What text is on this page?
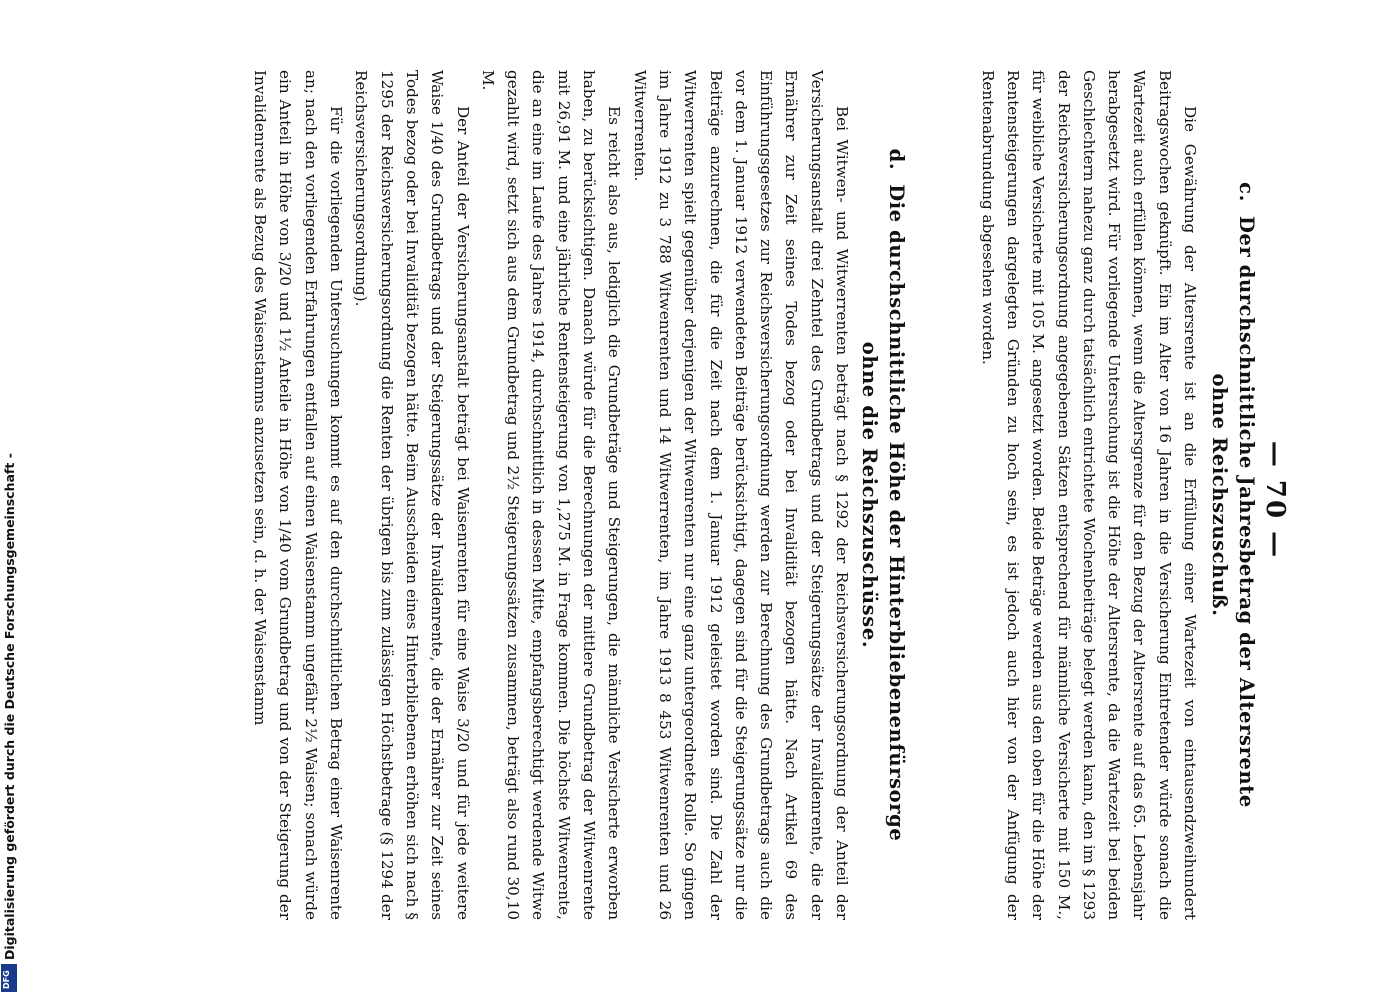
— 70 —
c.Der durchschnittliche Jahresbetrag der Altersrente
ohne Reichszuschuß.

Die Gewährung der Altersrente ist an die Erfüllung einer Wartezeit von eintausendzweihundert Beitragswochen geknüpft. Ein im Alter von 16 Jahren in die Versicherung Eintretender würde sonach die Wartezeit auch erfüllen können, wenn die Altersgrenze für den Bezug der Altersrente auf das 65. Lebensjahr herabgesetzt wird. Für vorliegende Untersuchung ist die Höhe der Altersrente, da die Wartezeit bei beiden Geschlechtern nahezu ganz durch tatsächlich entrichtete Wochenbeiträge belegt werden kann, den im § 1293 der Reichsversicherungsordnung angegebenen Sätzen entsprechend für männliche Versicherte mit 150 M., für weibliche Versicherte mit 105 M. angesetzt worden. Beide Beträge werden aus den oben für die Höhe der Rentensteigerungen dargelegten Gründen zu hoch sein, es ist jedoch auch hier von der Anfügung der Rentenabrundung abgesehen worden.

d.Die durchschnittliche Höhe der Hinterbliebenenfürsorge
ohne die Reichszuschüsse.

Bei Witwen- und Witwerrenten beträgt nach § 1292 der Reichsversicherungsordnung der Anteil der Versicherungsanstalt drei Zehntel des Grundbetrags und der Steigerungssätze der Invalidenrente, die der Ernährer zur Zeit seines Todes bezog oder bei Invalidität bezogen hätte. Nach Artikel 69 des Einführungsgesetzes zur Reichsversicherungsordnung werden zur Berechnung des Grundbetrags auch die vor dem 1. Januar 1912 verwendeten Beiträge berücksichtigt, dagegen sind für die Steigerungssätze nur die Beiträge anzurechnen, die für die Zeit nach dem 1. Januar 1912 geleistet worden sind. Die Zahl der Witwerrenten spielt gegenüber derjenigen der Witwenrenten nur eine ganz untergeordnete Rolle. So gingen im Jahre 1912 zu 3 788 Witwenrenten und 14 Witwerrenten, im Jahre 1913 8 453 Witwenrenten und 26 Witwerrenten.

Es reicht also aus, lediglich die Grundbeträge und Steigerungen, die männliche Versicherte erworben haben, zu berücksichtigen. Danach würde für die Berechnungen der mittlere Grundbetrag der Witwenrente mit 26,91 M. und eine jährliche Rentensteigerung von 1,275 M. in Frage kommen. Die höchste Witwenrente, die an eine im Laufe des Jahres 1914, durchschnittlich in dessen Mitte, empfangsberechtigt werdende Witwe gezahlt wird, setzt sich aus dem Grundbetrag und 2½ Steigerungssätzen zusammen, beträgt also rund 30,10 M.

Der Anteil der Versicherungsanstalt beträgt bei Waisenrenten für eine Waise 3/20 und für jede weitere Waise 1/40 des Grundbetrags und der Steigerungssätze der Invalidenrente, die der Ernährer zur Zeit seines Todes bezog oder bei Invalidität bezogen hätte. Beim Ausscheiden eines Hinterbliebenen erhöhen sich nach § 1295 der Reichsversicherungsordnung die Renten der übrigen bis zum zulässigen Höchstbetrage (§ 1294 der Reichsversicherungsordnung).

Für die vorliegenden Untersuchungen kommt es auf den durchschnittlichen Betrag einer Waisenrente an; nach den vorliegenden Erfahrungen entfallen auf einen Waisenstamm ungefähr 2½ Waisen; sonach würde ein Anteil in Höhe von 3/20 und 1½ Anteile in Höhe von 1/40 vom Grundbetrag und von der Steigerung der Invalidenrente als Bezug des Waisenstamms anzusetzen sein, d. h. der Waisenstamm

Digitalisierung gefördert durch die Deutsche Forschungsgemeinschaft -
DFG
